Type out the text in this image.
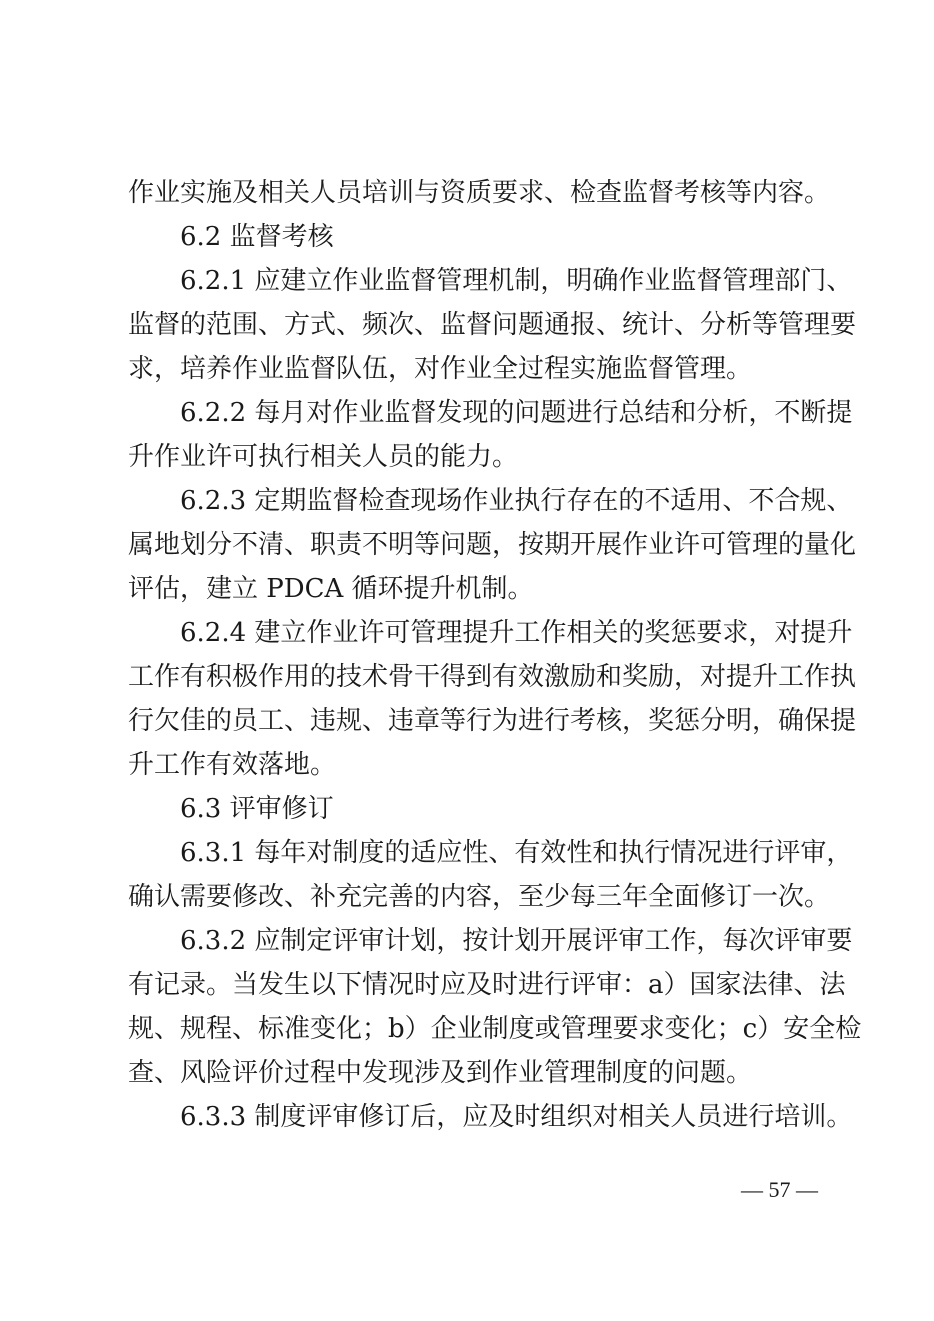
作业实施及相关人员培训与资质要求、检查监督考核等内容。
6.2 监督考核
6.2.1 应建立作业监督管理机制，明确作业监督管理部门、
监督的范围、方式、频次、监督问题通报、统计、分析等管理要
求，培养作业监督队伍，对作业全过程实施监督管理。
6.2.2 每月对作业监督发现的问题进行总结和分析，不断提
升作业许可执行相关人员的能力。
6.2.3 定期监督检查现场作业执行存在的不适用、不合规、
属地划分不清、职责不明等问题，按期开展作业许可管理的量化
评估，建立 PDCA 循环提升机制。
6.2.4 建立作业许可管理提升工作相关的奖惩要求，对提升
工作有积极作用的技术骨干得到有效激励和奖励，对提升工作执
行欠佳的员工、违规、违章等行为进行考核，奖惩分明，确保提
升工作有效落地。
6.3 评审修订
6.3.1 每年对制度的适应性、有效性和执行情况进行评审，
确认需要修改、补充完善的内容，至少每三年全面修订一次。
6.3.2 应制定评审计划，按计划开展评审工作，每次评审要
有记录。当发生以下情况时应及时进行评审：a）国家法律、法
规、规程、标准变化；b）企业制度或管理要求变化；c）安全检
查、风险评价过程中发现涉及到作业管理制度的问题。
6.3.3 制度评审修订后，应及时组织对相关人员进行培训。
— 57 —
